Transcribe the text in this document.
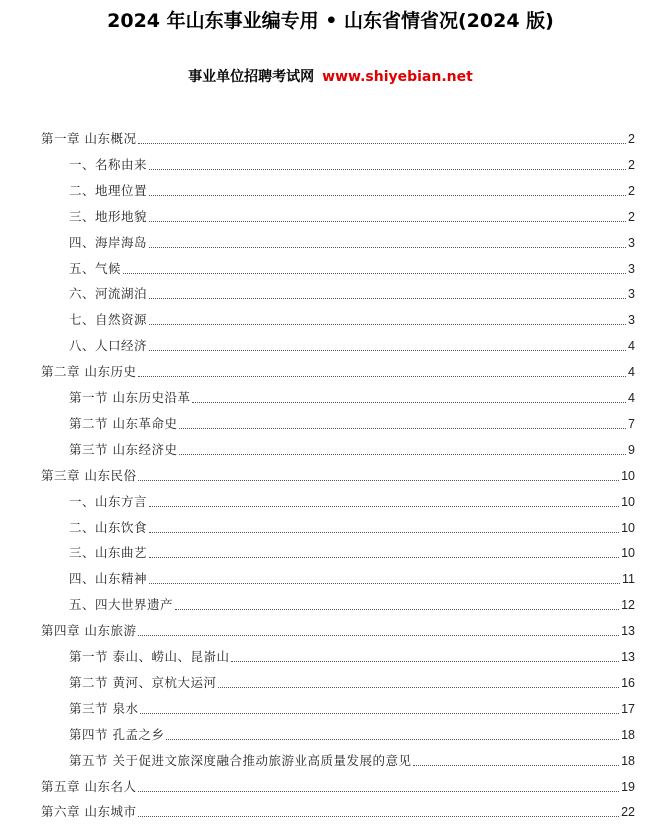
2024 年山东事业编专用 • 山东省情省况(2024 版)
事业单位招聘考试网 www.shiyebian.net
第一章 山东概况	2
一、名称由来	2
二、地理位置	2
三、地形地貌	2
四、海岸海岛	3
五、气候	3
六、河流湖泊	3
七、自然资源	3
八、人口经济	4
第二章 山东历史	4
第一节 山东历史沿革	4
第二节 山东革命史	7
第三节 山东经济史	9
第三章 山东民俗	10
一、山东方言	10
二、山东饮食	10
三、山东曲艺	10
四、山东精神	11
五、四大世界遗产	12
第四章 山东旅游	13
第一节 泰山、崂山、昆嵛山	13
第二节 黄河、京杭大运河	16
第三节 泉水	17
第四节 孔孟之乡	18
第五节 关于促进文旅深度融合推动旅游业高质量发展的意见	18
第五章 山东名人	19
第六章 山东城市	22
